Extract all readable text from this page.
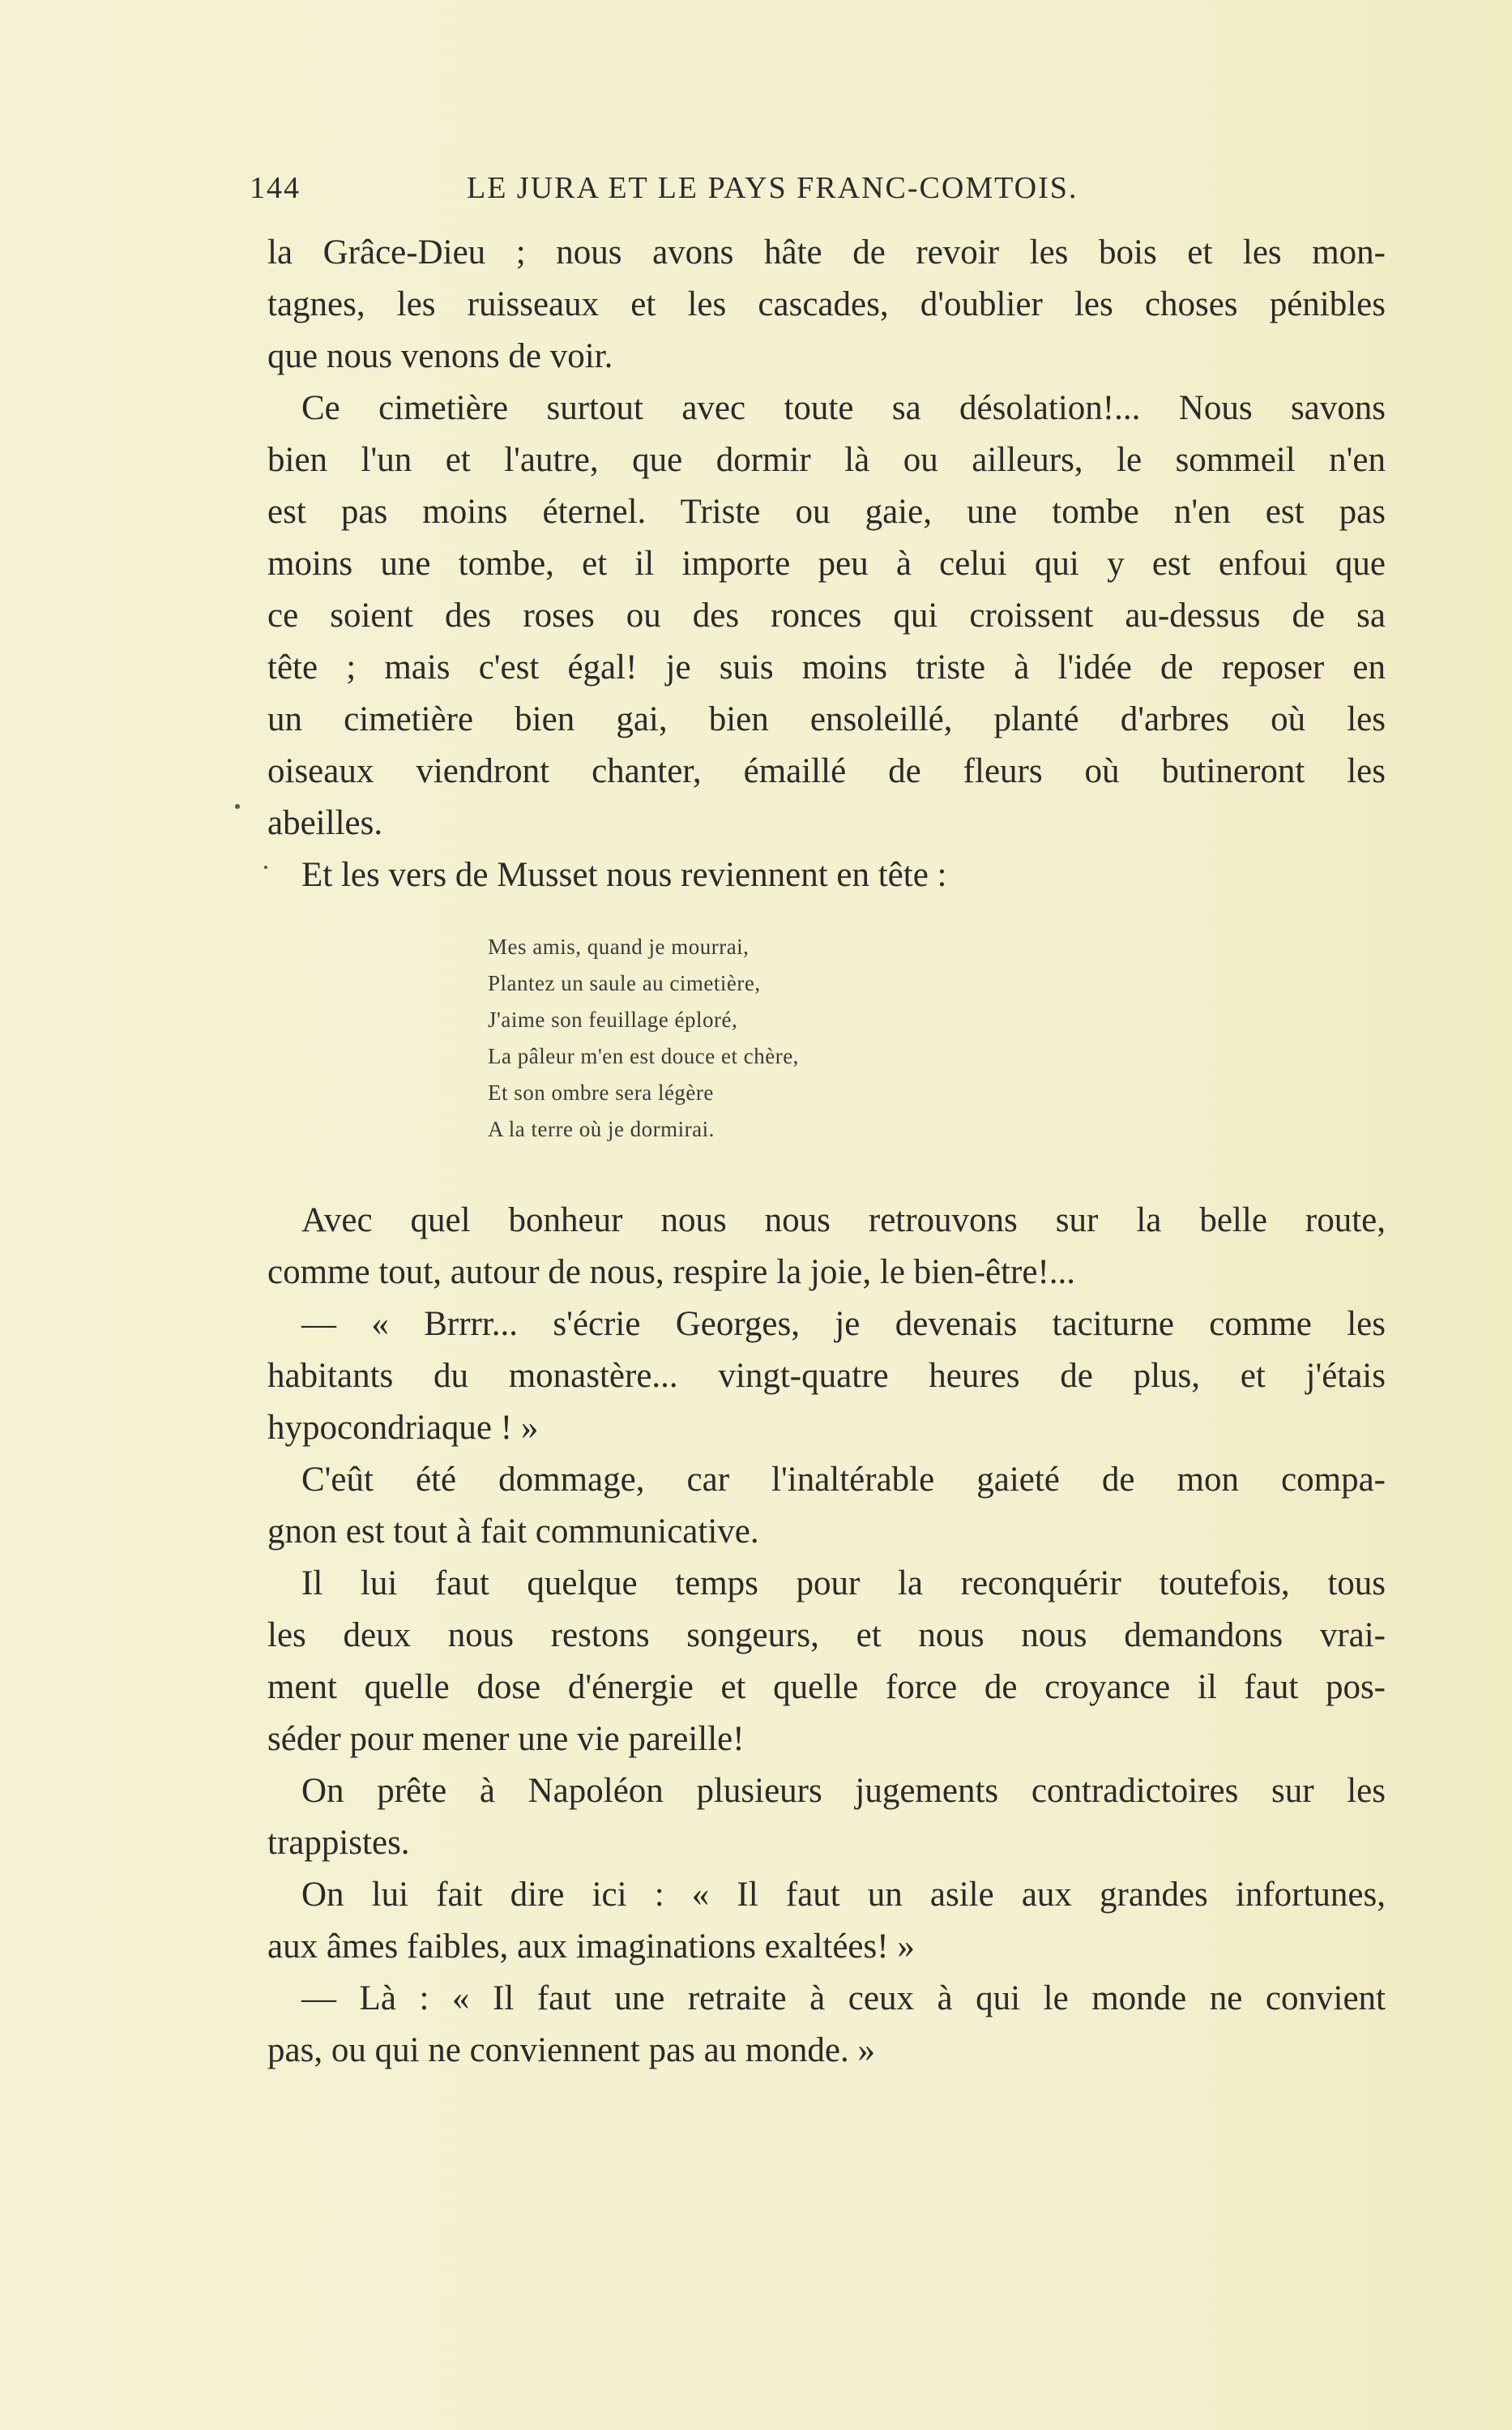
144	LE JURA ET LE PAYS FRANC-COMTOIS.
la Grâce-Dieu ; nous avons hâte de revoir les bois et les mon-
tagnes, les ruisseaux et les cascades, d'oublier les choses pénibles
que nous venons de voir.
Ce cimetière surtout avec toute sa désolation!... Nous savons
bien l'un et l'autre, que dormir là ou ailleurs, le sommeil n'en
est pas moins éternel. Triste ou gaie, une tombe n'en est pas
moins une tombe, et il importe peu à celui qui y est enfoui que
ce soient des roses ou des ronces qui croissent au-dessus de sa
tête ; mais c'est égal! je suis moins triste à l'idée de reposer en
un cimetière bien gai, bien ensoleillé, planté d'arbres où les
oiseaux viendront chanter, émaillé de fleurs où butineront les
abeilles.
Et les vers de Musset nous reviennent en tête :
Mes amis, quand je mourrai,
Plantez un saule au cimetière,
J'aime son feuillage éploré,
La pâleur m'en est douce et chère,
Et son ombre sera légère
A la terre où je dormirai.
Avec quel bonheur nous nous retrouvons sur la belle route,
comme tout, autour de nous, respire la joie, le bien-être!...
— « Brrrr... s'écrie Georges, je devenais taciturne comme les
habitants du monastère... vingt-quatre heures de plus, et j'étais
hypocondriaque ! »
C'eût été dommage, car l'inaltérable gaieté de mon compa-
gnon est tout à fait communicative.
Il lui faut quelque temps pour la reconquérir toutefois, tous
les deux nous restons songeurs, et nous nous demandons vrai-
ment quelle dose d'énergie et quelle force de croyance il faut pos-
séder pour mener une vie pareille!
On prête à Napoléon plusieurs jugements contradictoires sur les
trappistes.
On lui fait dire ici : « Il faut un asile aux grandes infortunes,
aux âmes faibles, aux imaginations exaltées! »
— Là : « Il faut une retraite à ceux à qui le monde ne convient
pas, ou qui ne conviennent pas au monde. »
